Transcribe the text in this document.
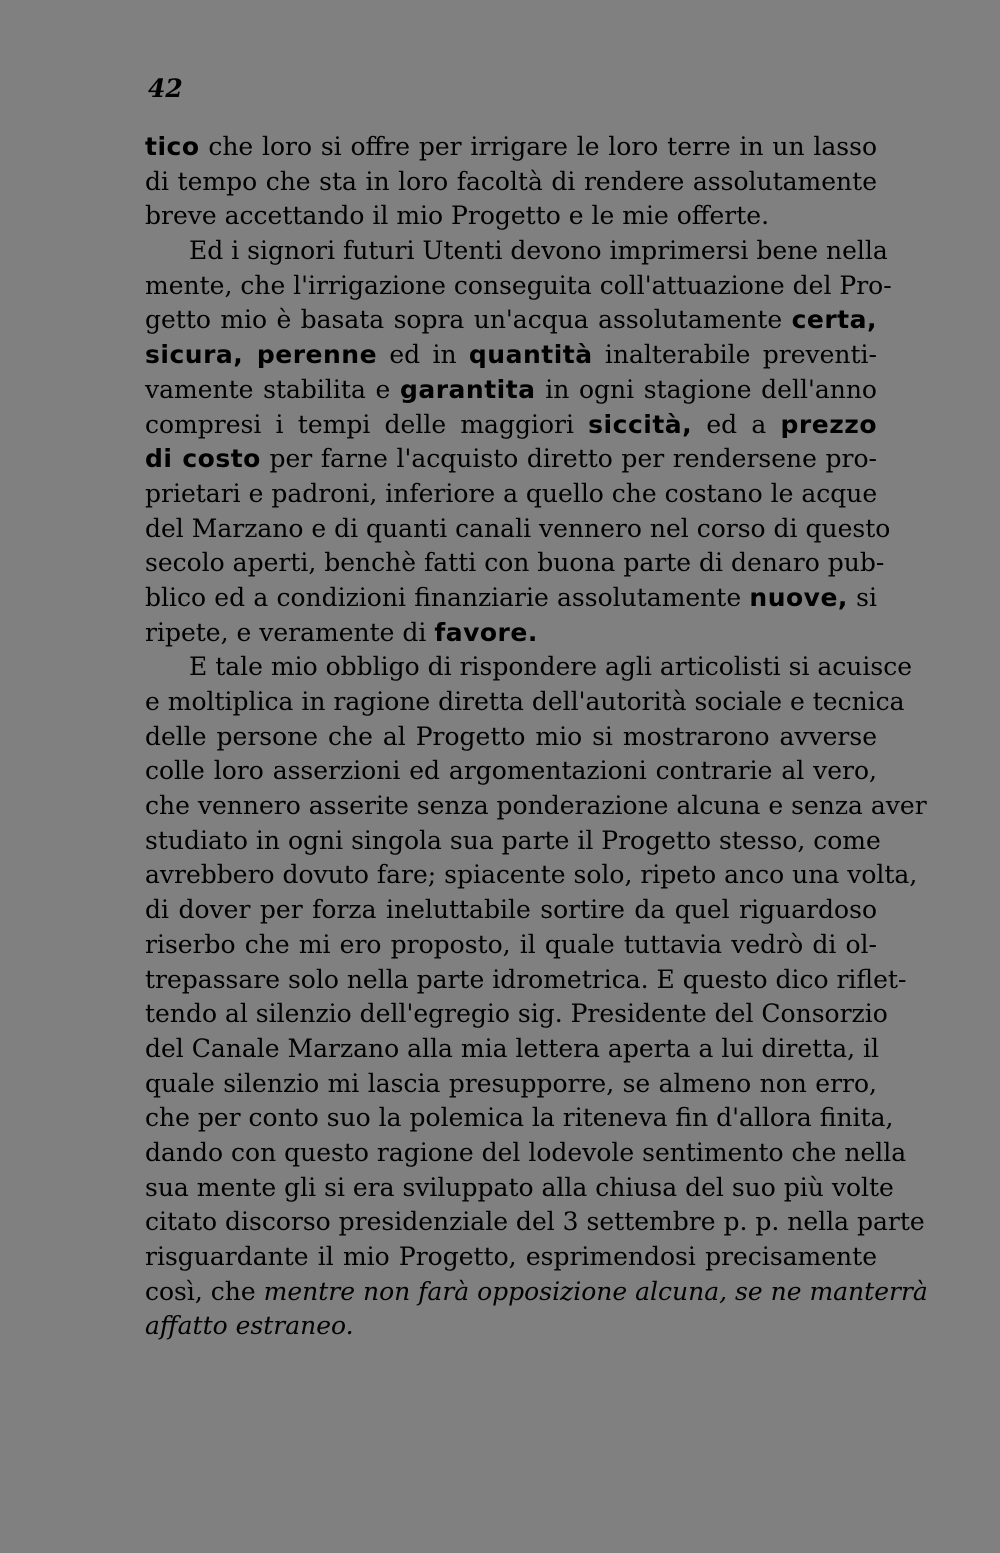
42
tico che loro si offre per irrigare le loro terre in un lasso
di tempo che sta in loro facoltà di rendere assolutamente
breve accettando il mio Progetto e le mie offerte.
Ed i signori futuri Utenti devono imprimersi bene nella
mente, che l'irrigazione conseguita coll'attuazione del Pro-
getto mio è basata sopra un'acqua assolutamente certa,
sicura, perenne ed in quantità inalterabile preventi-
vamente stabilita e garantita in ogni stagione dell'anno
compresi i tempi delle maggiori siccità, ed a prezzo
di costo per farne l'acquisto diretto per rendersene pro-
prietari e padroni, inferiore a quello che costano le acque
del Marzano e di quanti canali vennero nel corso di questo
secolo aperti, benchè fatti con buona parte di denaro pub-
blico ed a condizioni finanziarie assolutamente nuove, si
ripete, e veramente di favore.
E tale mio obbligo di rispondere agli articolisti si acuisce
e moltiplica in ragione diretta dell'autorità sociale e tecnica
delle persone che al Progetto mio si mostrarono avverse
colle loro asserzioni ed argomentazioni contrarie al vero,
che vennero asserite senza ponderazione alcuna e senza aver
studiato in ogni singola sua parte il Progetto stesso, come
avrebbero dovuto fare; spiacente solo, ripeto anco una volta,
di dover per forza ineluttabile sortire da quel riguardoso
riserbo che mi ero proposto, il quale tuttavia vedrò di ol-
trepassare solo nella parte idrometrica. E questo dico riflet-
tendo al silenzio dell'egregio sig. Presidente del Consorzio
del Canale Marzano alla mia lettera aperta a lui diretta, il
quale silenzio mi lascia presupporre, se almeno non erro,
che per conto suo la polemica la riteneva fin d'allora finita,
dando con questo ragione del lodevole sentimento che nella
sua mente gli si era sviluppato alla chiusa del suo più volte
citato discorso presidenziale del 3 settembre p. p. nella parte
risguardante il mio Progetto, esprimendosi precisamente
così, che mentre non farà opposizione alcuna, se ne manterrà
affatto estraneo.
